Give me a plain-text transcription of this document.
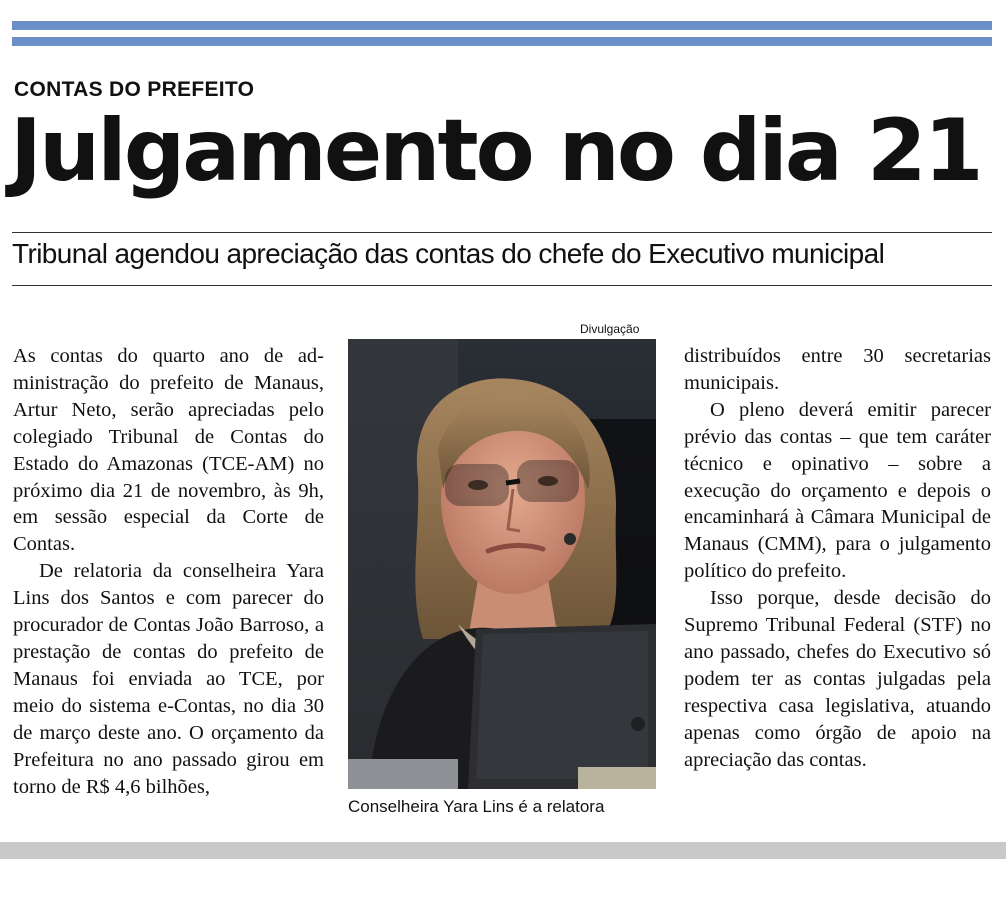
CONTAS DO PREFEITO
Julgamento no dia 21
Tribunal agendou apreciação das contas do chefe do Executivo municipal

As contas do quarto ano de administração do prefeito de Manaus, Artur Neto, serão apreciadas pelo colegiado Tribunal de Contas do Estado do Amazonas (TCE-AM) no próximo dia 21 de novembro, às 9h, em sessão especial da Corte de Contas.

De relatoria da conselheira Yara Lins dos Santos e com parecer do procurador de Contas João Barroso, a prestação de contas do prefeito de Manaus foi enviada ao TCE, por meio do sistema e-Contas, no dia 30 de março deste ano. O orçamento da Prefeitura no ano passado girou em torno de R$ 4,6 bilhões,

Divulgação
Conselheira Yara Lins é a relatora

distribuídos entre 30 secretarias municipais.

O pleno deverá emitir parecer prévio das contas – que tem caráter técnico e opinativo – sobre a execução do orçamento e depois o encaminhará à Câmara Municipal de Manaus (CMM), para o julgamento político do prefeito.

Isso porque, desde decisão do Supremo Tribunal Federal (STF) no ano passado, chefes do Executivo só podem ter as contas julgadas pela respectiva casa legislativa, atuando apenas como órgão de apoio na apreciação das contas.
